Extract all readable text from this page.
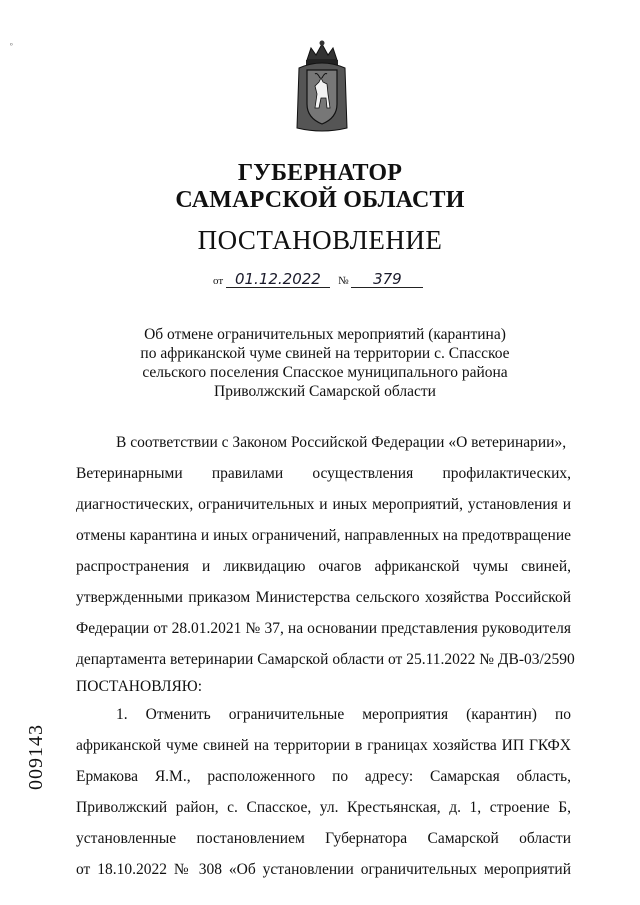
ᵒ
ГУБЕРНАТОР
САМАРСКОЙ ОБЛАСТИ
ПОСТАНОВЛЕНИЕ
от 01.12.2022 № 379
Об отмене ограничительных мероприятий (карантина)
по африканской чуме свиней на территории с. Спасское
сельского поселения Спасское муниципального района
Приволжский Самарской области
В соответствии с Законом Российской Федерации «О ветеринарии»,
Ветеринарными правилами осуществления профилактических,
диагностических, ограничительных и иных мероприятий, установления и
отмены карантина и иных ограничений, направленных на предотвращение
распространения и ликвидацию очагов африканской чумы свиней,
утвержденными приказом Министерства сельского хозяйства Российской
Федерации от 28.01.2021 № 37, на основании представления руководителя
департамента ветеринарии Самарской области от 25.11.2022 № ДВ-03/2590
ПОСТАНОВЛЯЮ:
1. Отменить ограничительные мероприятия (карантин) по
африканской чуме свиней на территории в границах хозяйства ИП ГКФХ
Ермакова Я.М., расположенного по адресу: Самарская область,
Приволжский район, с. Спасское, ул. Крестьянская, д. 1, строение Б,
установленные постановлением Губернатора Самарской области
от 18.10.2022 № 308 «Об установлении ограничительных мероприятий
009143
